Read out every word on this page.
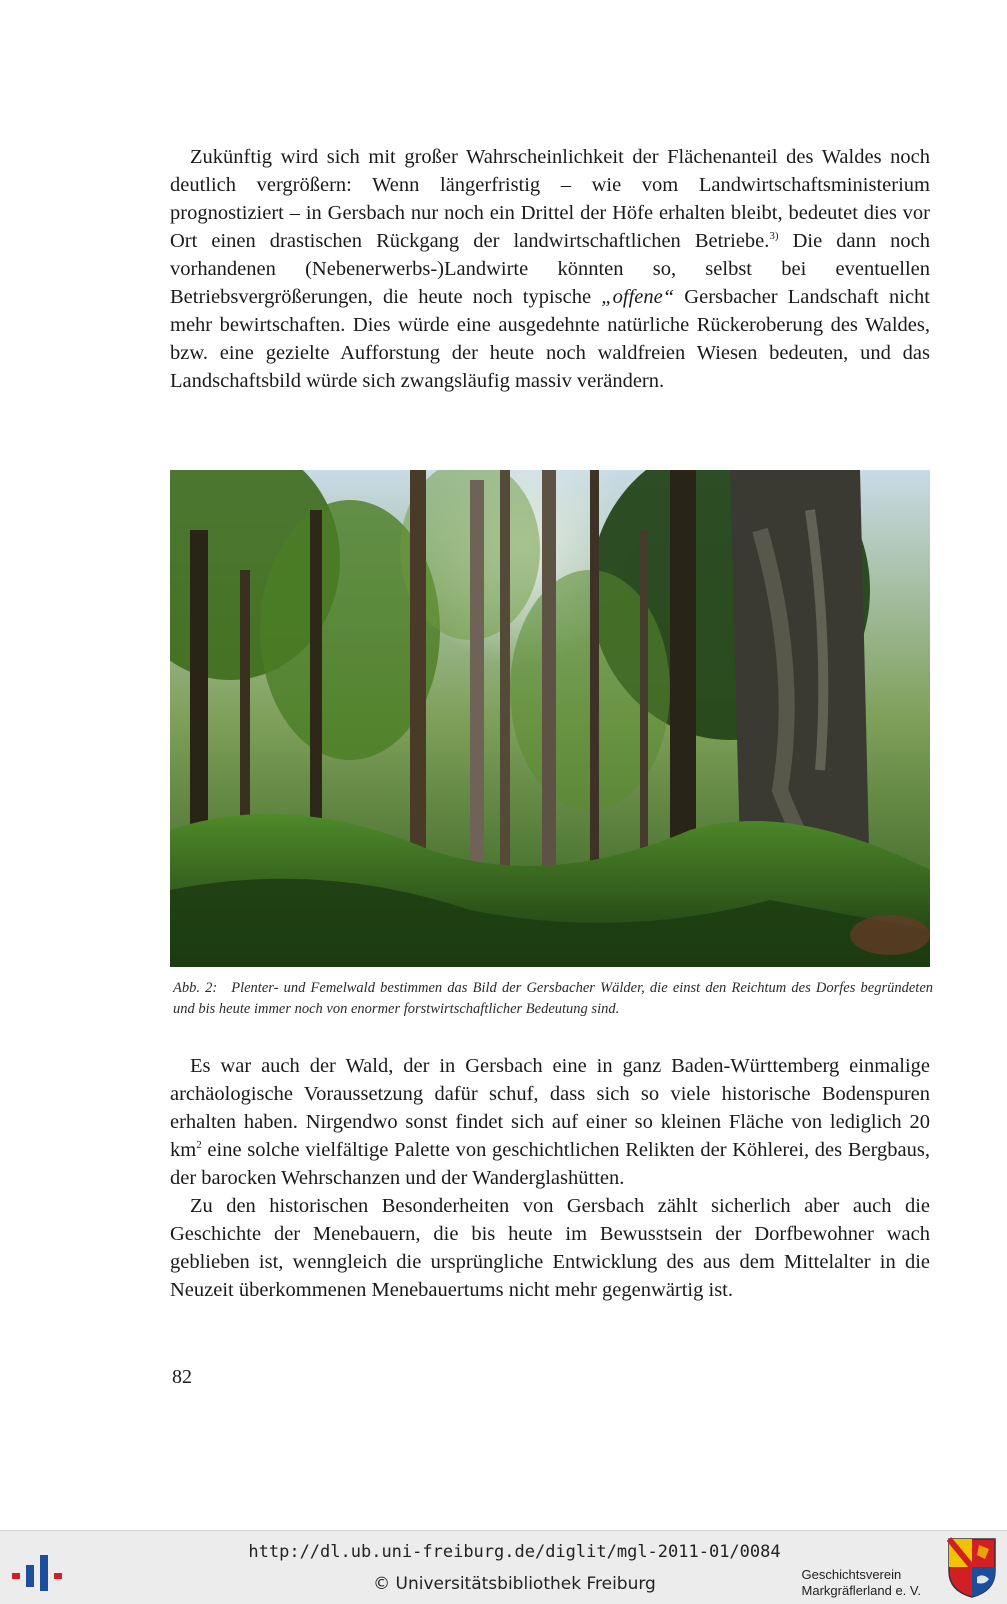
Zukünftig wird sich mit großer Wahrscheinlichkeit der Flächenanteil des Waldes noch deutlich vergrößern: Wenn längerfristig – wie vom Landwirtschaftsministerium prognostiziert – in Gersbach nur noch ein Drittel der Höfe erhalten bleibt, bedeutet dies vor Ort einen drastischen Rückgang der landwirtschaftlichen Betriebe.$^{3)}$ Die dann noch vorhandenen (Nebenerwerbs-)Landwirte könnten so, selbst bei eventuellen Betriebsvergrößerungen, die heute noch typische „offene“ Gersbacher Landschaft nicht mehr bewirtschaften. Dies würde eine ausgedehnte natürliche Rückeroberung des Waldes, bzw. eine gezielte Aufforstung der heute noch waldfreien Wiesen bedeuten, und das Landschaftsbild würde sich zwangsläufig massiv verändern.

Abb. 2: Plenter- und Femelwald bestimmen das Bild der Gersbacher Wälder, die einst den Reichtum des Dorfes begründeten und bis heute immer noch von enormer forstwirtschaftlicher Bedeutung sind.

Es war auch der Wald, der in Gersbach eine in ganz Baden-Württemberg einmalige archäologische Voraussetzung dafür schuf, dass sich so viele historische Bodenspuren erhalten haben. Nirgendwo sonst findet sich auf einer so kleinen Fläche von lediglich 20 $km^2$ eine solche vielfältige Palette von geschichtlichen Relikten der Köhlerei, des Bergbaus, der barocken Wehrschanzen und der Wanderglashütten.

Zu den historischen Besonderheiten von Gersbach zählt sicherlich aber auch die Geschichte der Menebauern, die bis heute im Bewusstsein der Dorfbewohner wach geblieben ist, wenngleich die ursprüngliche Entwicklung des aus dem Mittelalter in die Neuzeit überkommenen Menebauertums nicht mehr gegenwärtig ist.

82
http://dl.ub.uni-freiburg.de/diglit/mgl-2011-01/0084
© Universitätsbibliothek Freiburg	Geschichtsverein
Markgräflerland e. V.
